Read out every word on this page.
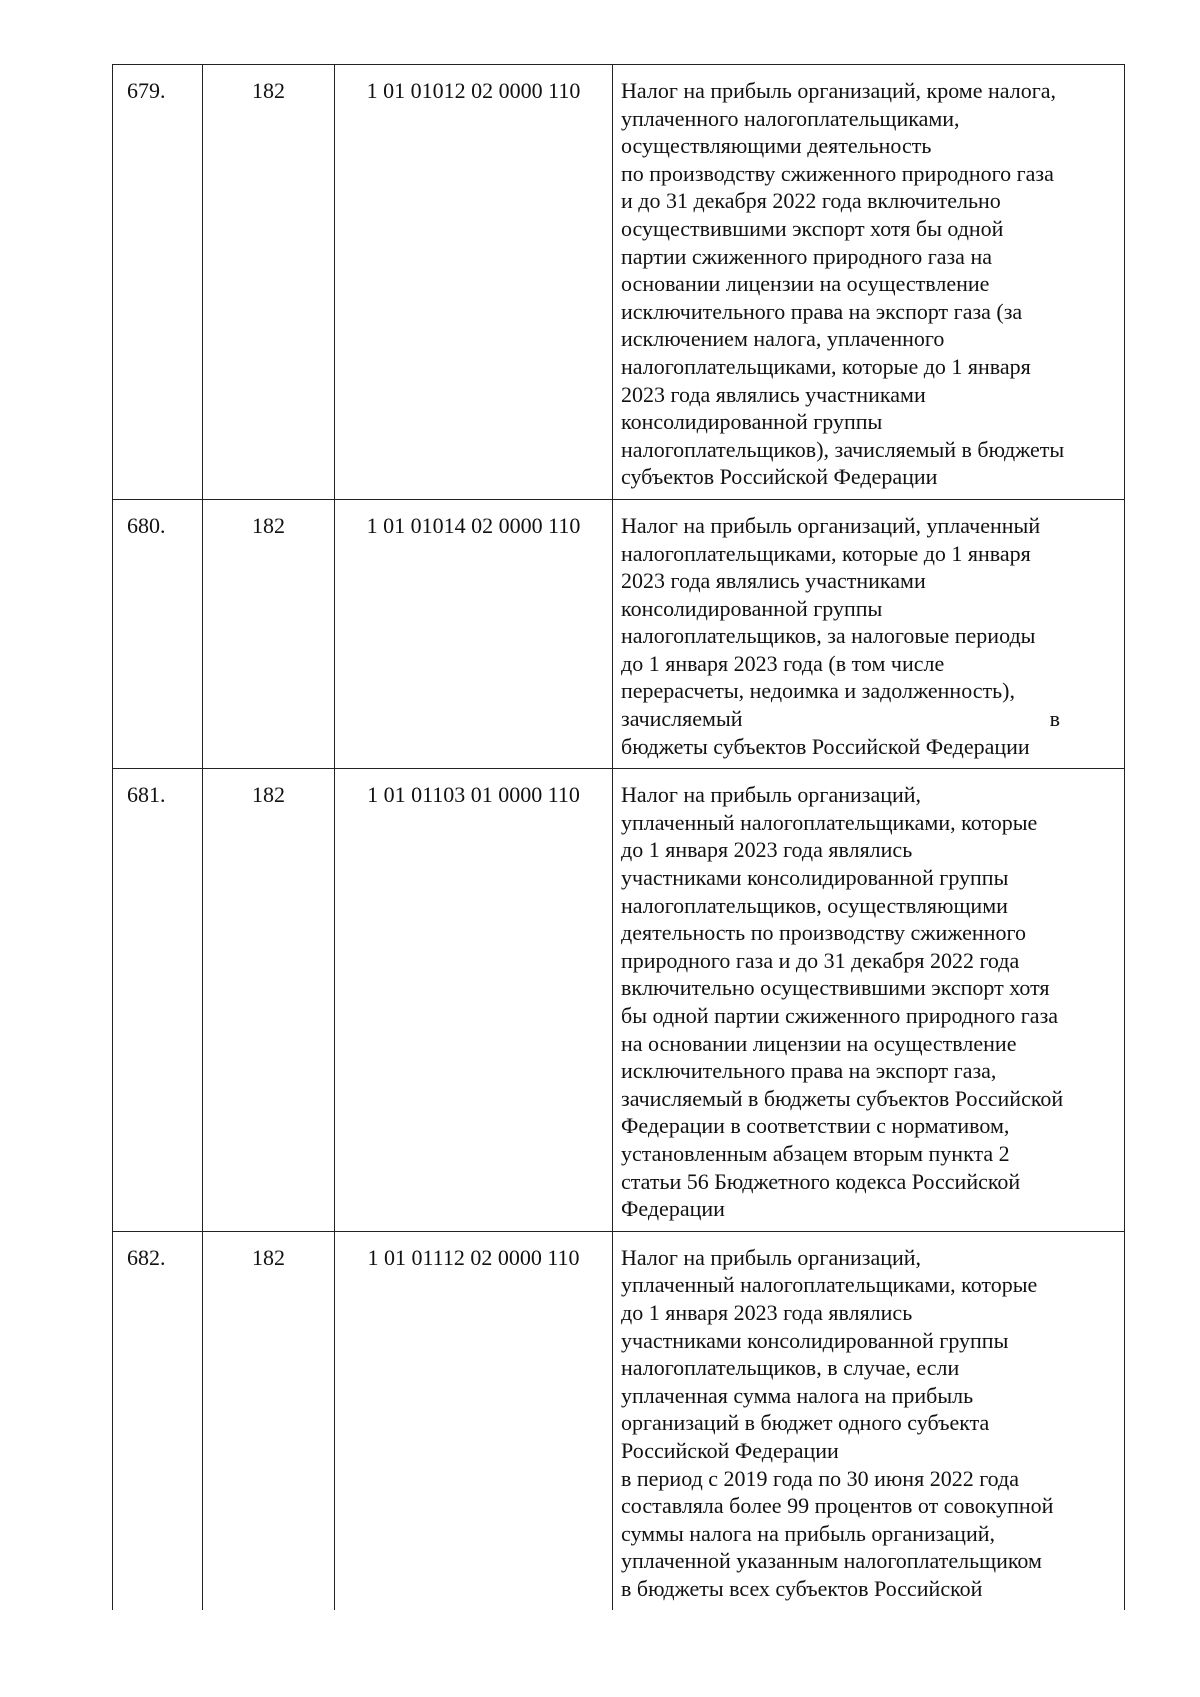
679.	182	1 01 01012 02 0000 110	Налог на прибыль организаций, кроме налога,
уплаченного налогоплательщиками,
осуществляющими деятельность
по производству сжиженного природного газа
и до 31 декабря 2022 года включительно
осуществившими экспорт хотя бы одной
партии сжиженного природного газа на
основании лицензии на осуществление
исключительного права на экспорт газа (за
исключением налога, уплаченного
налогоплательщиками, которые до 1 января
2023 года являлись участниками
консолидированной группы
налогоплательщиков), зачисляемый в бюджеты
субъектов Российской Федерации
680.	182	1 01 01014 02 0000 110	Налог на прибыль организаций, уплаченный
налогоплательщиками, которые до 1 января
2023 года являлись участниками
консолидированной группы
налогоплательщиков, за налоговые периоды
до 1 января 2023 года (в том числе
перерасчеты, недоимка и задолженность),
зачисляемый	в
бюджеты субъектов Российской Федерации
681.	182	1 01 01103 01 0000 110	Налог на прибыль организаций,
уплаченный налогоплательщиками, которые
до 1 января 2023 года являлись
участниками консолидированной группы
налогоплательщиков, осуществляющими
деятельность по производству сжиженного
природного газа и до 31 декабря 2022 года
включительно осуществившими экспорт хотя
бы одной партии сжиженного природного газа
на основании лицензии на осуществление
исключительного права на экспорт газа,
зачисляемый в бюджеты субъектов Российской
Федерации в соответствии с нормативом,
установленным абзацем вторым пункта 2
статьи 56 Бюджетного кодекса Российской
Федерации
682.	182	1 01 01112 02 0000 110	Налог на прибыль организаций,
уплаченный налогоплательщиками, которые
до 1 января 2023 года являлись
участниками консолидированной группы
налогоплательщиков, в случае, если
уплаченная сумма налога на прибыль
организаций в бюджет одного субъекта
Российской Федерации
в период с 2019 года по 30 июня 2022 года
составляла более 99 процентов от совокупной
суммы налога на прибыль организаций,
уплаченной указанным налогоплательщиком
в бюджеты всех субъектов Российской
